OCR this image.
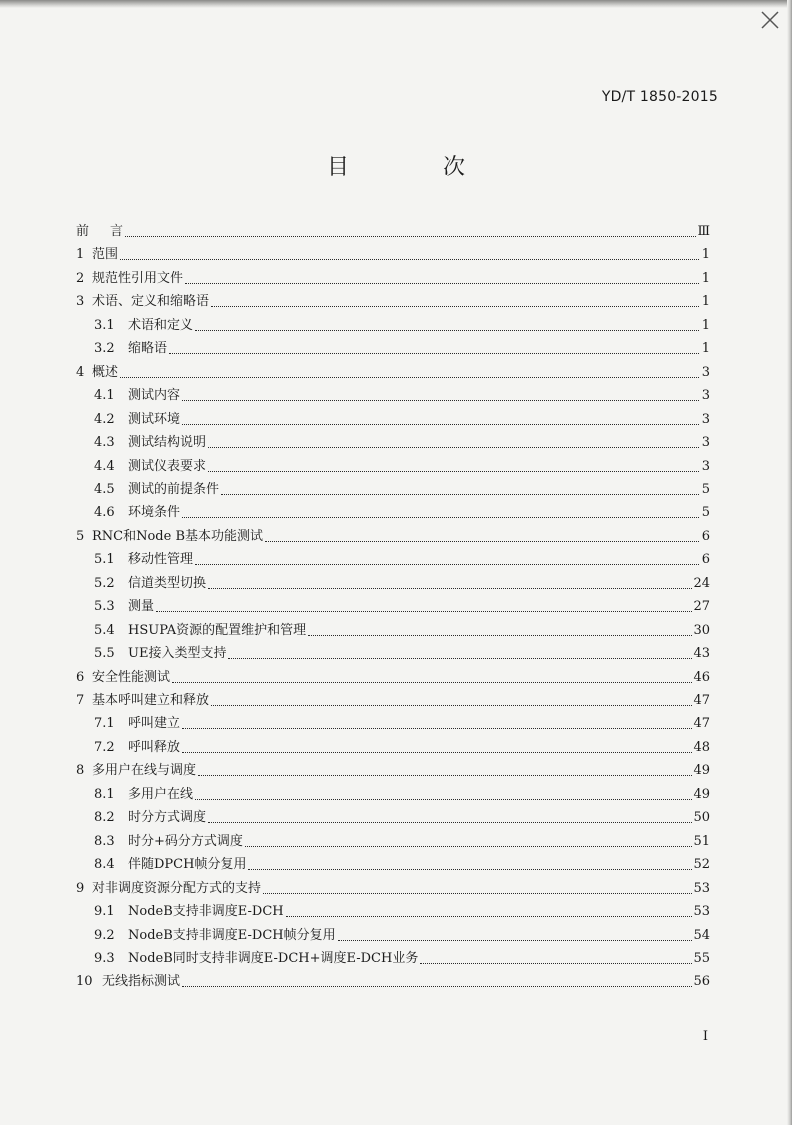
YD/T 1850-2015
目　次
前	言	Ⅲ
1 范围	1
2 规范性引用文件	1
3 术语、定义和缩略语	1
3.1	术语和定义	1
3.2	缩略语	1
4 概述	3
4.1	测试内容	3
4.2	测试环境	3
4.3	测试结构说明	3
4.4	测试仪表要求	3
4.5	测试的前提条件	5
4.6	环境条件	5
5 RNC和Node B基本功能测试	6
5.1	移动性管理	6
5.2	信道类型切换	24
5.3	测量	27
5.4	HSUPA资源的配置维护和管理	30
5.5	UE接入类型支持	43
6 安全性能测试	46
7 基本呼叫建立和释放	47
7.1	呼叫建立	47
7.2	呼叫释放	48
8 多用户在线与调度	49
8.1	多用户在线	49
8.2	时分方式调度	50
8.3	时分+码分方式调度	51
8.4	伴随DPCH帧分复用	52
9 对非调度资源分配方式的支持	53
9.1	NodeB支持非调度E-DCH	53
9.2	NodeB支持非调度E-DCH帧分复用	54
9.3	NodeB同时支持非调度E-DCH+调度E-DCH业务	55
10 无线指标测试	56
I
